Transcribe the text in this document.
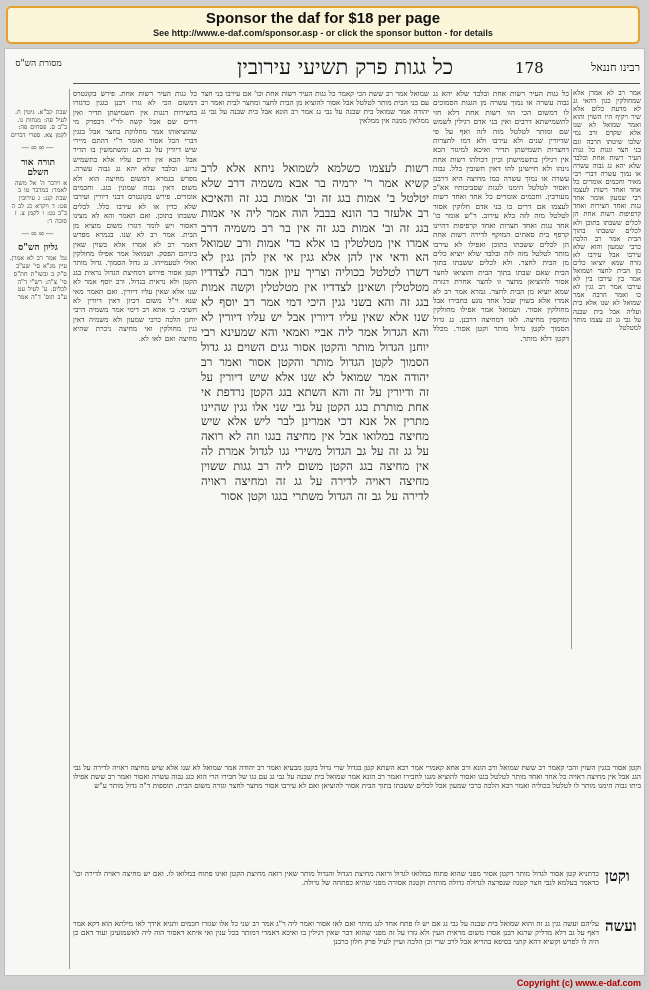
Sponsor the daf for $18 per page
See http://www.e-daf.com/sponsor.asp - or click the sponsor button - for details
מסורת הש"ס	כל גגות פרק תשיעי עירובין	178	רבינו חננאל
אמר רב לא אמרן אלא שמחולקין כגון דהאי גג לא מדעת כלום אלא שיר ויקיף היו השוין והוא ואמר שמואל לא שנו אלא שקדם ורב נמי שלבו שיטתו הרבה וגם בני חצר וגגות כל גגות העיר רשות אחת ובלבד שלא יהא גג גבוה עשרה או נמוך עשרה דברי רבי מאיר וחכמים אומרים כל אחד ואחד רשות לעצמו רבי שמעון אומר אחד גגות ואחד חצירות ואחד קרפיפות רשות אחת הן לכלים ששבתו בתוכן ולא לכלים ששבתו בתוך הבית אמר רב הלכה כרבי שמעון והוא שלא עירבו אבל עירבו לא גזרה שמא יוציאו כלים מן הבית לחצר ושמואל אמר בין עירבו בין לא עירבו אמר רב גגין לא כו ואמר הרבה אמר שמואל לא שנו אלא בית ועליה אבל בית שבנה על גבי גג וגג עצמו מותר למטלטל
כל גגות העיר רשות אחת ובלבד שלא יהא גג גבוה עשרה או נמוך עשרה מן הגגות הסמוכים לו דמשום הכי הוו רשות אחת דלא חזי לתשמישתא דרבים ואין בני אדם רגילין לשמש שם ומותר לטלטל מזה לזה ואף על פי שדיורין שנים ולא עירבו ולא דמו לחצרות דחצרות תשמישתן תדיר ואיכא למיגזר הכא אין רגילין בתשמישתן וכיון דכולהו רשות אחת נינהו ולא חיישינן להו דאין חשובין כלל. גבוה עשרה או נמוך עשרה כמו מחיצה היא דרבנן ואסור לטלטל הימנו לגגות שסביבותיו אא"כ מעורבין. וחכמים אומרים כל אחד ואחד רשות לעצמו אם דרים בו בני אדם חלוקין אסור לטלטל מזה לזה בלא עירוב. ר"ש אומר כו' אחד גגות ואחד חצרות ואחד קרפיפות דהיינו קרפף בית סאתים המוקף לדירה רשות אחת הן לכלים ששבתו בתוכן ואפילו לא עירבו מותר לטלטל מזה לזה ובלבד שלא יוציא כלים מן הבית לחצר. ולא לכלים ששבתו בתוך הבית שאם שבתו בתוך הבית והוציאו לחצר אסור להוציאן מחצר זו לחצר אחרת דגזרה שמא יוציא מן הבית לחצר. גמרא אמר רב לא אמרו אלא בשוין שכל אחד נוגע בחבירו אבל מחולקין אסור. ושמואל אמר אפילו מחולקין ומוקפין מחיצה. לאו דמחיצה דרבנן. גג גדול הסמוך לקטן גדול מותר וקטן אסור. מכלל דקטן דלא מותר.
שמואל אמר רב ששת הכי קאמר כל גגות העיר רשות אחת וכו' אם עירבו בני חצר עם בני הבית מותר לטלטל אבל אסור להוציא מן הבית לחצר ומחצר לבית ואמר רב יהודה אמר שמואל בית שבנה על גבי גג אמר רב הונא אבל בית שבנה על גבי גג ממלאין ממנה אין ממלאין
רשות לעצמו כשלמא לשמואל ניחא אלא לרב קשיא אמר ר' ירמיה בר אבא משמיה דרב שלא יטלטל ב' אמות בגג זה וב' אמות בגג זה והאיכא רב אלעזר בר הונא בבבל הוה אמר ליה אי אמות בגג זה וב' אמות בגג זה אין בר רב משמיה דרב אמרו אין מטלטלין בו אלא בד' אמות ורב שמואל הא ודאי אין להן אלא גגין אי אין להן גגין לא דשרו לטלטל בכוליה וצריך עיון אמר רבה לצדדיו מטלטלין ושאינן לצדדיו אין מטלטלין וקשה אמות בגג זה והא בשני גגין היכי דמי אמר רב יוסף לא שנו אלא שאין עליו דיורין אבל יש עליו דיורין לא והא הגדול אמר ליה אביי ואמאי והא שמעינא רבי יוחנן הגדול מותר והקטן אסור גגים השוים גג גדול הסמוך לקטן הגדול מותר והקטן אסור ואמר רב יהודה אמר שמואל לא שנו אלא שיש דיורין על זה ודיורין על זה והא השתא בגג הקטן נרדפת אי אחת מותרת בגג הקטן על גבי שני אלו גגין שהיינו מתרין אל אנא דכי אמרינן לבר ליש אלא שיש מחיצה במלואו אבל אין מחיצה בגגו וזה לא רואה על גג זה על גב הגדול משירי גגו לגדול אמרת לה אין מחיצה בגג הקטן משום ליה רב גגות ששוין מחיצה ראויה לדירה על גג זה ומחיצה ראויה לדירה על גב זה הגדול משתרי בגגו וקטן אסור
כל גגות העיר רשות אחת. פירש בקונטרס דמשום הכי לא גזרו רבנן בגגין כדגזרו בחצירות דגגות אין תשמישתן תדיר ואין דרים שם אבל קשה לר"י דבפרק מי שהוציאוהו אמר מחלוקת בחצר אבל בגגין דברי הכל אסור ואומר ר"י דהתם מיירי שיש דיורין על גב הגג ומשתמשין בו תדיר אבל הכא אין דרים עליו אלא בתשמיש גרוע. ובלבד שלא יהא גג גבוה עשרה. מפרש בגמרא דמשום מחיצה הוא ולא משום דאין גבוה שמונין בגג. וחכמים אומרים. פירש בקונטרס דבני דיורין ועירבו שלא כדין או לא עירבו כלל. לכלים ששבתו בתוכן. ואם תאמר והא לא מצינו דאסור ויש לומר דגזרו משום מוציא מן הבית. אמר רב לא שנו. בגמרא מפרש דאמר רב לא אמרו אלא בשוין שאין ביניהם הפסק. ושמואל אמר אפילו מחולקין ואזלי לטעמייהו. גג גדול הסמוך. גדול מותר וקטן אסור פירוש דמחיצת הגדול נראית בגג הקטן ולא נראית בגדול. ורב יוסף אמר לא שנו אלא שאין עליו דיורין. ואם תאמר מאי שנא וי"ל משום דכיון דאין דיורין לא חשיבי. כי אתא רב דימי אמר משמיה דרבי יוחנן הלכה כרבי שמעון ולא משמיה דאין גגין מחולקין ואי מחיצה ניכרת שהיא מחיצה ואם לאו לא.
שבת קכ"א. גיטין ח. לעיל פה: מנחות נו. ב"ב ס. פסחים פה: לקמן צא. ספרי דברים
—∞∞—
תורה אור השלם
א וידבר ה' אל משה לאמר: במדבר טו ב שבת קנג: ג עירובין פט: ד ויקרא כג לב ה ב"ב נט: ו לקמן צ. ז סוכה ד:
—∞∞—
גליון הש"ס
גמ' אמר רב לא אמרן. עיין מג"א סי' שע"ב ס"ק ב ובשו"ת חת"ס סי' צ"ה: רש"י ד"ה לכלים. ע' לעיל עט ע"ב תוס' ד"ה אמר
וקטן אסור בגגין השוין והכי קאמר רב ששת שמואל ורב הונא ורב אחא קאמרי אמר רבא השתא קטן בגדול שרי גדול בקטן מבעיא ואמר רב יהודה אמר שמואל לא שנו אלא שיש מחיצה ראויה לדירה על גבי הגג אבל אין מחיצה ראויה כל אחד ואחד מותר לטלטל בגגו ואסור להוציא מגגו לחבירו ואמר רב הונא אמר שמואל בית שבנה על גבי גג עם גגו של חבירו הרי הוא כגג גבוה עשרה ואסור ואמר רב ששת אפילו ביתו גבוה הימנו מותר לו לטלטל בכוליה ואמר רבא הלכה כרבי שמעון אבל לכלים ששבתו בתוך הבית אסור להוציאן ואם לא עירבו אסור מחצר לחצר וגזרה משום הבית. תוספות ד"ה גדול מותר ע"ש
וקטן
כדתניא קטן אסור לגדול מותר דקטן אסור מפני שהוא פתוח במלואו לגדול ורואה מחיצת הגדול והגדול מותר שאין רואה מחיצת הקטן ואינו פתוח במלואו לו. ואם יש מחיצה ראויה לדירה וכו' כדאמר בעלמא לגבי חצר קטנה שנפרצה לגדולה גדולה מותרת וקטנה אסורה מפני שהיא כפתחה של גדולה.
ועשה
עליהם ועשה גגין גג זה והוא שמואל בית שבנה על גבי גג אם יש לו פתח אחד לגג מותר ואם לאו אסור ואמר ליה ר"ג אמר רב שני כל אלו שגזרו חכמים ותניא אידך לאו מילתא הוא דקא אמר דאף על גב דלא מדליק שרגא רבנן אסרו משום מראית העין ולא גזרו על זה מפני שהוא דבר שאין רגילין בו ואיכא דאמרי דמותר בכל ענין ואי איתא דאסור הוה ליה לאשמועינן ועוד דאם כן היה לו לפרש וקשיא דהא קתני בסיפא בהדיא אבל לרב שרי וכן הלכה ועיין לעיל פרק חלון כרבנן
Copyright (c) www.e-daf.com
